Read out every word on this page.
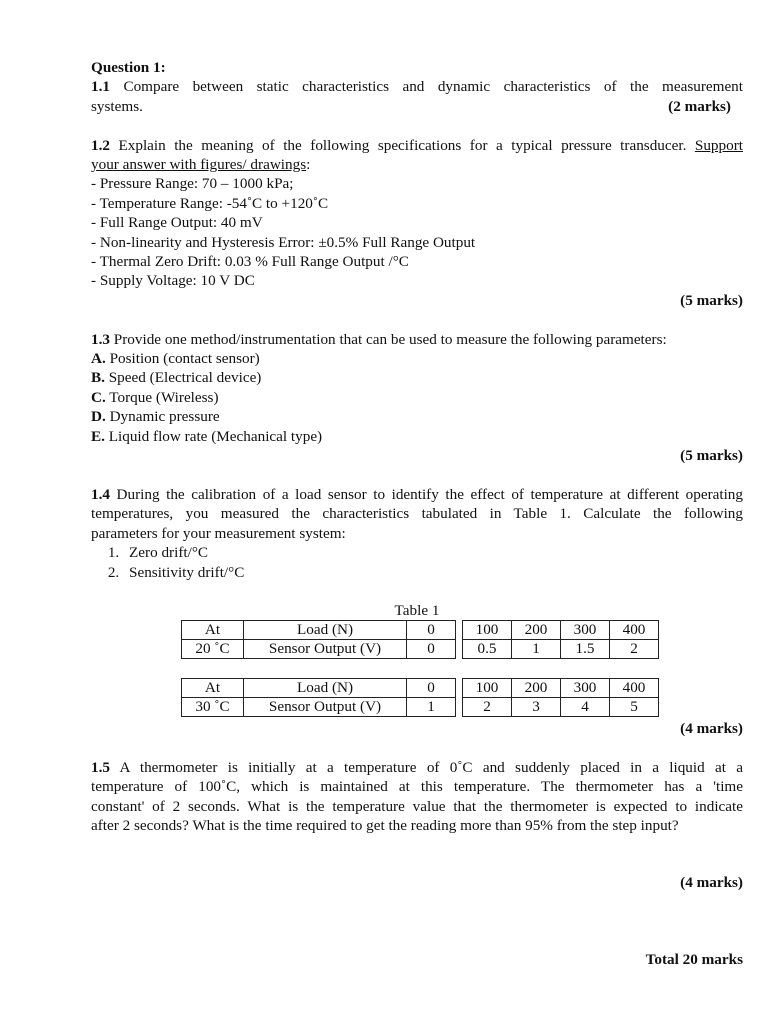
Question 1:
1.1 Compare between static characteristics and dynamic characteristics of the measurement
systems.	(2 marks)
1.2 Explain the meaning of the following specifications for a typical pressure transducer. Support
your answer with figures/ drawings:
- Pressure Range: 70 – 1000 kPa;
- Temperature Range: -54˚C to +120˚C
- Full Range Output: 40 mV
- Non-linearity and Hysteresis Error: ±0.5% Full Range Output
- Thermal Zero Drift: 0.03 % Full Range Output /°C
- Supply Voltage: 10 V DC
(5 marks)
1.3 Provide one method/instrumentation that can be used to measure the following parameters:
A. Position (contact sensor)
B. Speed (Electrical device)
C. Torque (Wireless)
D. Dynamic pressure
E. Liquid flow rate (Mechanical type)
(5 marks)
1.4 During the calibration of a load sensor to identify the effect of temperature at different operating
temperatures, you measured the characteristics tabulated in Table 1. Calculate the following
parameters for your measurement system:
1. Zero drift/°C
2. Sensitivity drift/°C
Table 1
At	Load (N)	0		100	200	300	400
20 ˚C	Sensor Output (V)	0		0.5	1	1.5	2
At	Load (N)	0		100	200	300	400
30 ˚C	Sensor Output (V)	1		2	3	4	5
(4 marks)
1.5 A thermometer is initially at a temperature of 0˚C and suddenly placed in a liquid at a
temperature of 100˚C, which is maintained at this temperature. The thermometer has a 'time
constant' of 2 seconds. What is the temperature value that the thermometer is expected to indicate
after 2 seconds? What is the time required to get the reading more than 95% from the step input?
(4 marks)
Total 20 marks
